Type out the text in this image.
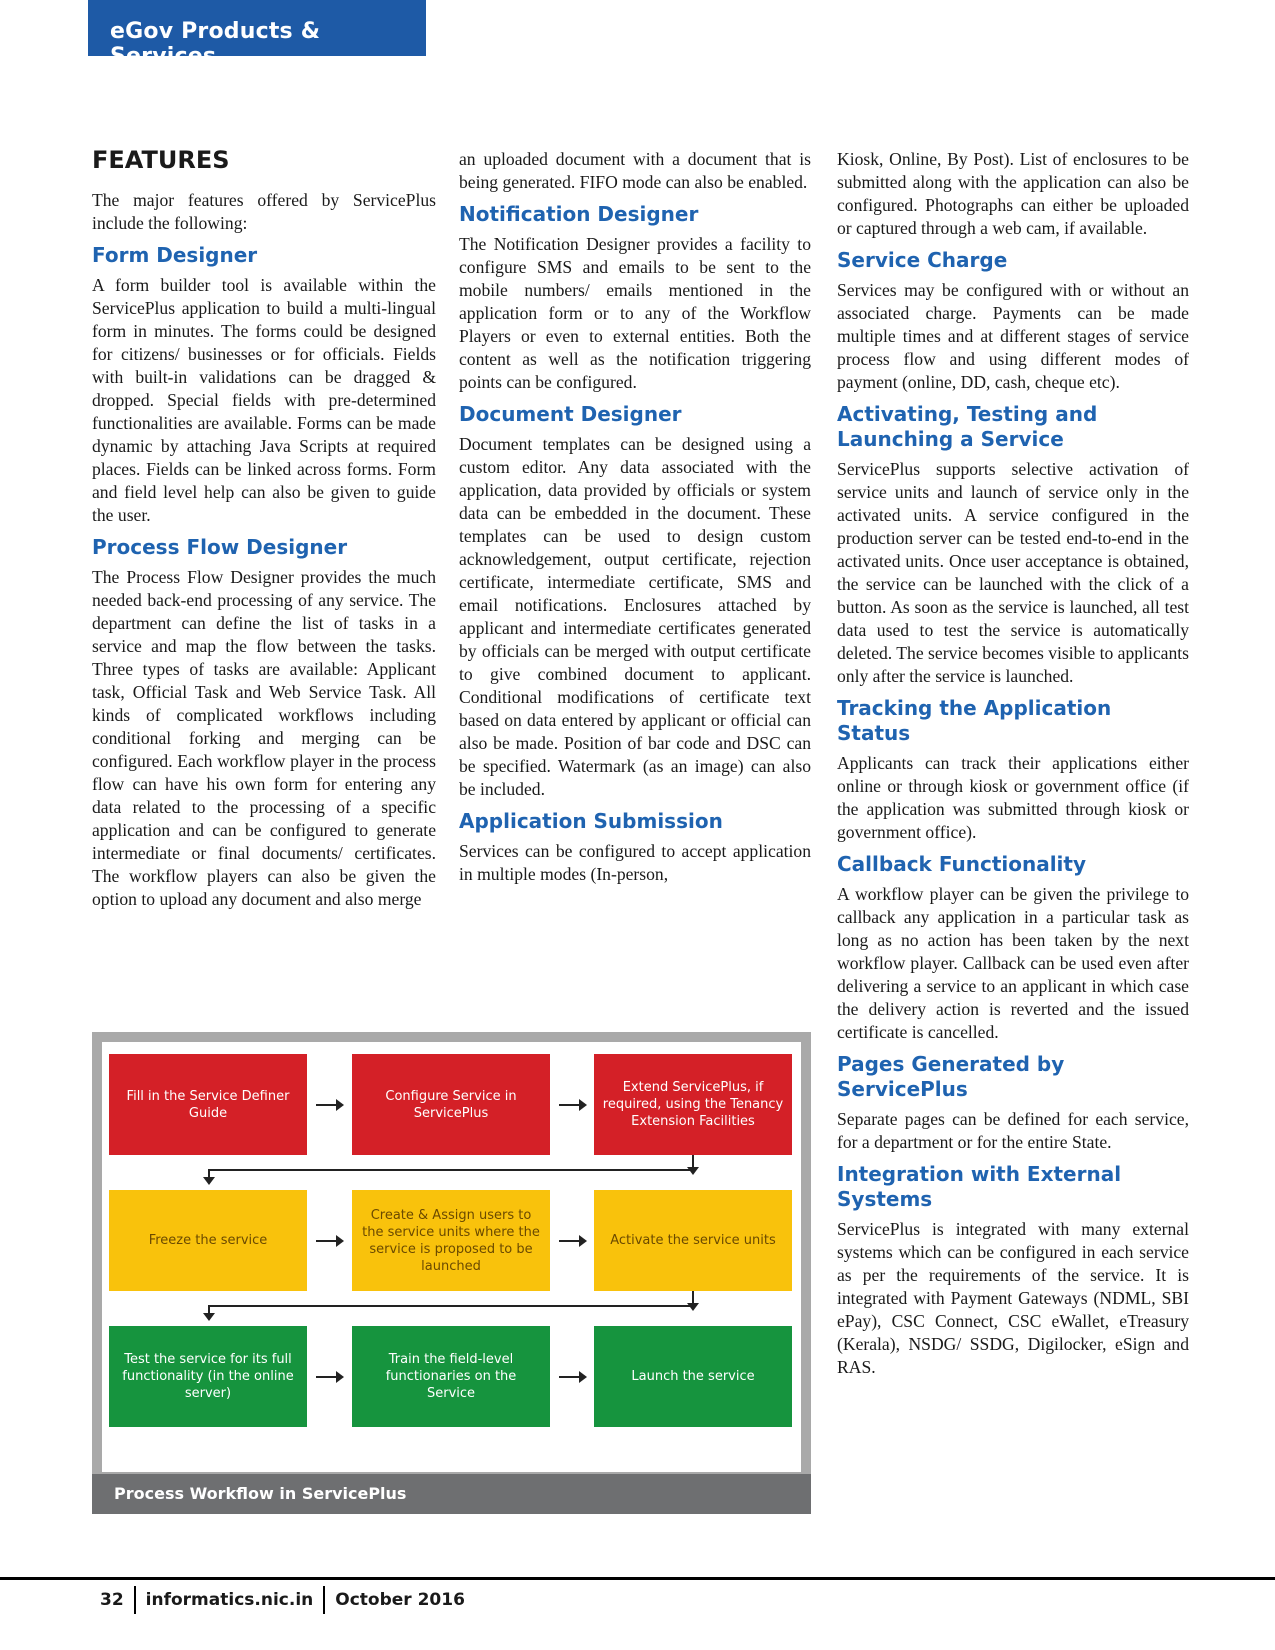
eGov Products & Services
FEATURES

The major features offered by ServicePlus include the following:

Form Designer

A form builder tool is available within the ServicePlus application to build a multi-lingual form in minutes. The forms could be designed for citizens/ businesses or for officials. Fields with built-in validations can be dragged & dropped. Special fields with pre-determined functionalities are available. Forms can be made dynamic by attaching Java Scripts at required places. Fields can be linked across forms. Form and field level help can also be given to guide the user.

Process Flow Designer

The Process Flow Designer provides the much needed back-end processing of any service. The department can define the list of tasks in a service and map the flow between the tasks. Three types of tasks are available: Applicant task, Official Task and Web Service Task. All kinds of complicated workflows including conditional forking and merging can be configured. Each workflow player in the process flow can have his own form for entering any data related to the processing of a specific application and can be configured to generate intermediate or final documents/ certificates. The workflow players can also be given the option to upload any document and also merge

an uploaded document with a document that is being generated. FIFO mode can also be enabled.

Notification Designer

The Notification Designer provides a facility to configure SMS and emails to be sent to the mobile numbers/ emails mentioned in the application form or to any of the Workflow Players or even to external entities. Both the content as well as the notification triggering points can be configured.

Document Designer

Document templates can be designed using a custom editor. Any data associated with the application, data provided by officials or system data can be embedded in the document. These templates can be used to design custom acknowledgement, output certificate, rejection certificate, intermediate certificate, SMS and email notifications. Enclosures attached by applicant and intermediate certificates generated by officials can be merged with output certificate to give combined document to applicant. Conditional modifications of certificate text based on data entered by applicant or official can also be made. Position of bar code and DSC can be specified. Watermark (as an image) can also be included.

Application Submission

Services can be configured to accept application in multiple modes (In-person,

Kiosk, Online, By Post). List of enclosures to be submitted along with the application can also be configured. Photographs can either be uploaded or captured through a web cam, if available.

Service Charge

Services may be configured with or without an associated charge. Payments can be made multiple times and at different stages of service process flow and using different modes of payment (online, DD, cash, cheque etc).

Activating, Testing and Launching a Service

ServicePlus supports selective activation of service units and launch of service only in the activated units. A service configured in the production server can be tested end-to-end in the activated units. Once user acceptance is obtained, the service can be launched with the click of a button. As soon as the service is launched, all test data used to test the service is automatically deleted. The service becomes visible to applicants only after the service is launched.

Tracking the Application Status

Applicants can track their applications either online or through kiosk or government office (if the application was submitted through kiosk or government office).

Callback Functionality

A workflow player can be given the privilege to callback any application in a particular task as long as no action has been taken by the next workflow player. Callback can be used even after delivering a service to an applicant in which case the delivery action is reverted and the issued certificate is cancelled.

Pages Generated by ServicePlus

Separate pages can be defined for each service, for a department or for the entire State.

Integration with External Systems

ServicePlus is integrated with many external systems which can be configured in each service as per the requirements of the service. It is integrated with Payment Gateways (NDML, SBI ePay), CSC Connect, CSC eWallet, eTreasury (Kerala), NSDG/ SSDG, Digilocker, eSign and RAS.

Fill in the Service Definer Guide
Configure Service in ServicePlus
Extend ServicePlus, if required, using the Tenancy Extension Facilities
Freeze the service
Create & Assign users to the service units where the service is proposed to be launched
Activate the service units
Test the service for its full functionality (in the online server)
Train the field-level functionaries on the Service
Launch the service
Process Workflow in ServicePlus
32 informatics.nic.in October 2016
